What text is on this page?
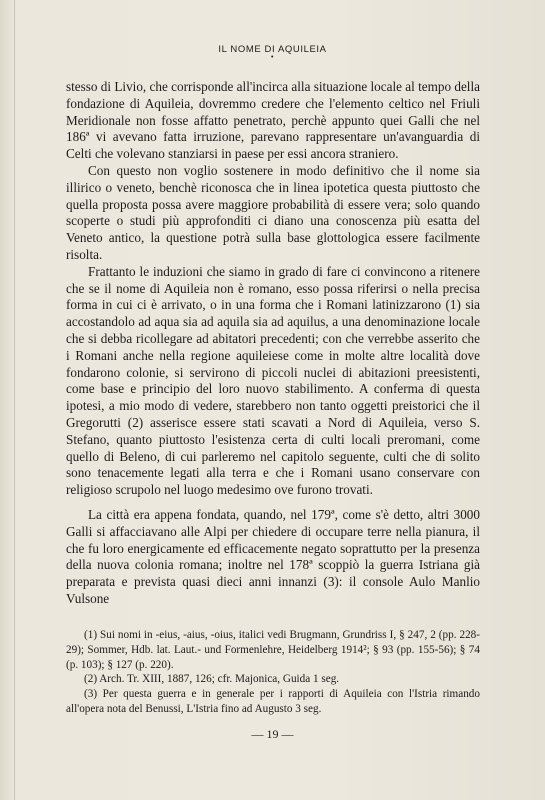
IL NOME DI AQUILEIA
•

stesso di Livio, che corrisponde all'incirca alla situazione locale al tempo della fondazione di Aquileia, dovremmo credere che l'elemento celtico nel Friuli Meridionale non fosse affatto penetrato, perchè appunto quei Galli che nel 186ª vi avevano fatta irruzione, parevano rappresentare un'avanguardia di Celti che volevano stanziarsi in paese per essi ancora straniero.

Con questo non voglio sostenere in modo definitivo che il nome sia illirico o veneto, benchè riconosca che in linea ipotetica questa piuttosto che quella proposta possa avere maggiore probabilità di essere vera; solo quando scoperte o studi più approfonditi ci diano una conoscenza più esatta del Veneto antico, la questione potrà sulla base glottologica essere facilmente risolta.

Frattanto le induzioni che siamo in grado di fare ci convincono a ritenere che se il nome di Aquileia non è romano, esso possa riferirsi o nella precisa forma in cui ci è arrivato, o in una forma che i Romani latinizzarono (1) sia accostandolo ad aqua sia ad aquila sia ad aquilus, a una denominazione locale che si debba ricollegare ad abitatori precedenti; con che verrebbe asserito che i Romani anche nella regione aquileiese come in molte altre località dove fondarono colonie, si servirono di piccoli nuclei di abitazioni preesistenti, come base e principio del loro nuovo stabilimento. A conferma di questa ipotesi, a mio modo di vedere, starebbero non tanto oggetti preistorici che il Gregorutti (2) asserisce essere stati scavati a Nord di Aquileia, verso S. Stefano, quanto piuttosto l'esistenza certa di culti locali preromani, come quello di Beleno, di cui parleremo nel capitolo seguente, culti che di solito sono tenacemente legati alla terra e che i Romani usano conservare con religioso scrupolo nel luogo medesimo ove furono trovati.

La città era appena fondata, quando, nel 179ª, come s'è detto, altri 3000 Galli si affacciavano alle Alpi per chiedere di occupare terre nella pianura, il che fu loro energicamente ed efficacemente negato soprattutto per la presenza della nuova colonia romana; inoltre nel 178ª scoppiò la guerra Istriana già preparata e prevista quasi dieci anni innanzi (3): il console Aulo Manlio Vulsone

(1) Sui nomi in -eius, -aius, -oius, italici vedi Brugmann, Grundriss I, § 247, 2 (pp. 228-29); Sommer, Hdb. lat. Laut.- und Formenlehre, Heidelberg 1914²; § 93 (pp. 155-56); § 74 (p. 103); § 127 (p. 220).

(2) Arch. Tr. XIII, 1887, 126; cfr. Majonica, Guida 1 seg.

(3) Per questa guerra e in generale per i rapporti di Aquileia con l'Istria rimando all'opera nota del Benussi, L'Istria fino ad Augusto 3 seg.

— 19 —
